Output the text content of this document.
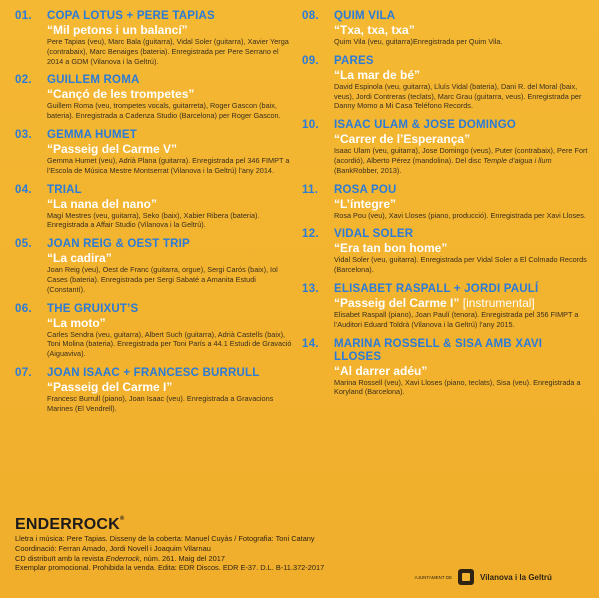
01. COPA LOTUS + PERE TAPIAS
“Mil petons i un balancí”
Pere Tapias (veu), Marc Bala (guitarra), Vidal Soler (guitarra), Xavier Yerga (contrabaix), Marc Benaiges (bateria). Enregistrada per Pere Serrano el 2014 a GDM (Vilanova i la Geltrú).
02. GUILLEM ROMA
“Cançó de les trompetes”
Guillem Roma (veu, trompetes vocals, guitarreta), Roger Gascon (baix, bateria). Enregistrada a Cadenza Studio (Barcelona) per Roger Gascon.
03. GEMMA HUMET
“Passeig del Carme V”
Gemma Humet (veu), Adrià Plana (guitarra). Enregistrada pel 346 FIMPT a l’Escola de Música Mestre Montserrat (Vilanova i la Geltrú) l’any 2014.
04. TRIAL
“La nana del nano”
Magí Mestres (veu, guitarra), Seko (baix), Xabier Ribera (bateria). Enregistrada a Affair Studio (Vilanova i la Geltrú).
05. JOAN REIG & OEST TRIP
“La cadira”
Joan Reig (veu), Oest de Franc (guitarra, orgue), Sergi Carós (baix), Iol Cases (bateria). Enregistrada per Sergi Sabaté a Amanita Estudi (Constantí).
06. THE GRUIXUT’S
“La moto”
Carles Sendra (veu, guitarra), Albert Such (guitarra), Adrià Castells (baix), Toni Molina (bateria). Enregistrada per Toni París a 44.1 Estudi de Gravació (Aiguaviva).
07. JOAN ISAAC + FRANCESC BURRULL
“Passeig del Carme I”
Francesc Burrull (piano), Joan Isaac (veu). Enregistrada a Gravacions Marines (El Vendrell).
08. QUIM VILA
“Txa, txa, txa”
Quim Vila (veu, guitarra)Enregistrada per Quim Vila.
09. PARES
“La mar de bé”
David Espinola (veu, guitarra), Lluís Vidal (bateria), Dani R. del Moral (baix, veus), Jordi Contreras (teclats), Marc Grau (guitarra, veus). Enregistrada per Danny Momo a Mi Casa Teléfono Records.
10. ISAAC ULAM & JOSE DOMINGO
“Carrer de l’Esperança”
Isaac Ulam (veu, guitarra), Jose Domingo (veus), Puter (contrabaix), Pere Fort (acordió), Alberto Pérez (mandolina). Del disc Temple d’aigua i llum (BankRobber, 2013).
11. ROSA POU
“L’íntegre”
Rosa Pou (veu), Xavi Lloses (piano, producció). Enregistrada per Xavi Lloses.
12. VIDAL SOLER
“Era tan bon home”
Vidal Soler (veu, guitarra). Enregistrada per Vidal Soler a El Colmado Records (Barcelona).
13. ELISABET RASPALL + JORDI PAULÍ
“Passeig del Carme I” [instrumental]
Elisabet Raspall (piano), Joan Paulí (tenora). Enregistrada pel 356 FIMPT a l’Auditori Eduard Toldrà (Vilanova i la Geltrú) l’any 2015.
14. MARINA ROSSELL & SISA AMB XAVI LLOSES
“Al darrer adéu”
Marina Rossell (veu), Xavi Lloses (piano, teclats), Sisa (veu). Enregistrada a Koryland (Barcelona).
ENDERROCK®
Lletra i música: Pere Tapias. Disseny de la coberta: Manuel Cuyàs / Fotografia: Toni Catany
Coordinació: Ferran Amado, Jordi Novell i Joaquim Vilarnau
CD distribuït amb la revista Enderrock, núm. 261. Maig del 2017
Exemplar promocional. Prohibida la venda. Edita: EDR Discos. EDR E-37. D.L. B-11.372-2017
AJUNTAMENT DE	Vilanova i la Geltrú
